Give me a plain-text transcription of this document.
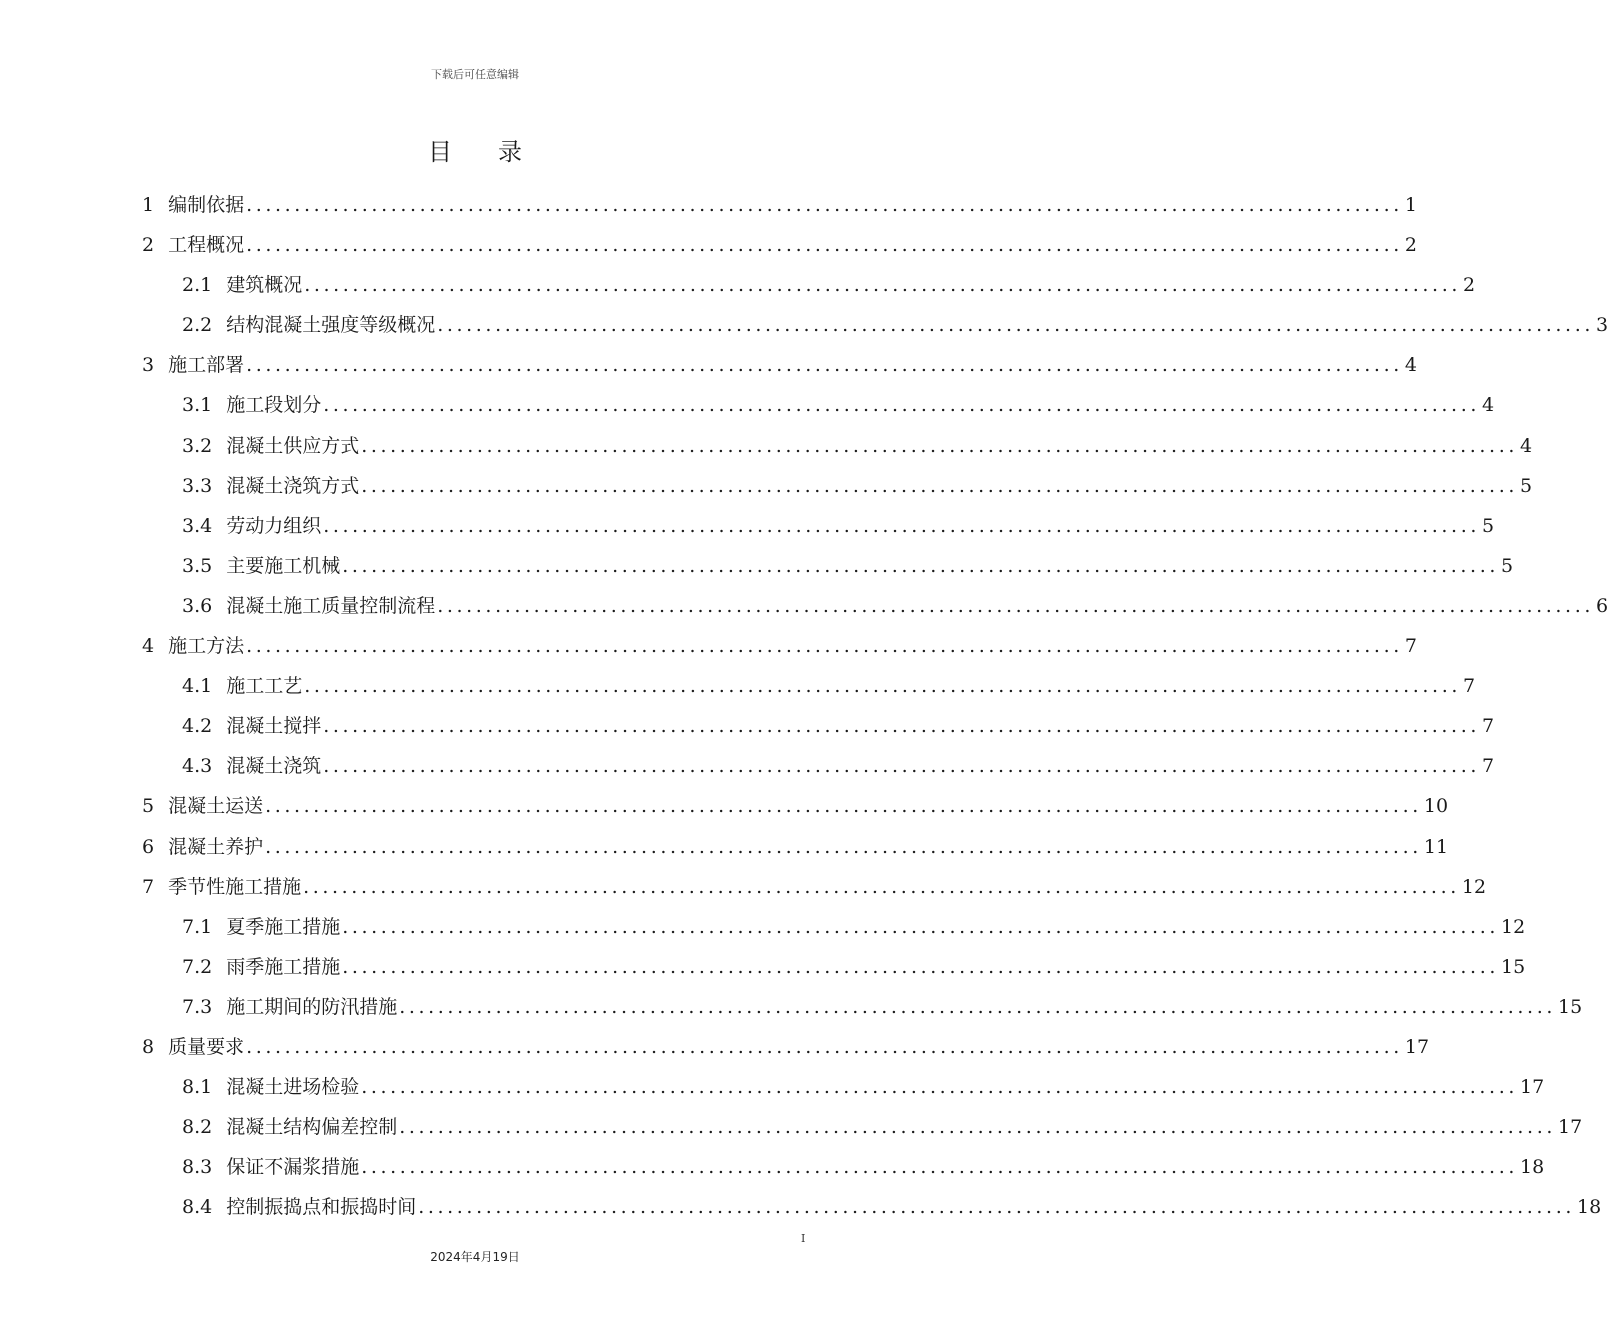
下载后可任意编辑
目录
1 编制依据 ........................................................................................................................ 1
2 工程概况 ........................................................................................................................ 2
2.1 建筑概况 ........................................................................................................................ 2
2.2 结构混凝土强度等级概况 ........................................................................................................................ 3
3 施工部署 ........................................................................................................................ 4
3.1 施工段划分 ........................................................................................................................ 4
3.2 混凝土供应方式 ........................................................................................................................ 4
3.3 混凝土浇筑方式 ........................................................................................................................ 5
3.4 劳动力组织 ........................................................................................................................ 5
3.5 主要施工机械 ........................................................................................................................ 5
3.6 混凝土施工质量控制流程 ........................................................................................................................ 6
4 施工方法 ........................................................................................................................ 7
4.1 施工工艺 ........................................................................................................................ 7
4.2 混凝土搅拌 ........................................................................................................................ 7
4.3 混凝土浇筑 ........................................................................................................................ 7
5 混凝土运送 ........................................................................................................................ 10
6 混凝土养护 ........................................................................................................................ 11
7 季节性施工措施 ........................................................................................................................ 12
7.1 夏季施工措施 ........................................................................................................................ 12
7.2 雨季施工措施 ........................................................................................................................ 15
7.3 施工期间的防汛措施 ........................................................................................................................ 15
8 质量要求 ........................................................................................................................ 17
8.1 混凝土进场检验 ........................................................................................................................ 17
8.2 混凝土结构偏差控制 ........................................................................................................................ 17
8.3 保证不漏浆措施 ........................................................................................................................ 18
8.4 控制振捣点和振捣时间 ........................................................................................................................ 18
I
2024年4月19日
